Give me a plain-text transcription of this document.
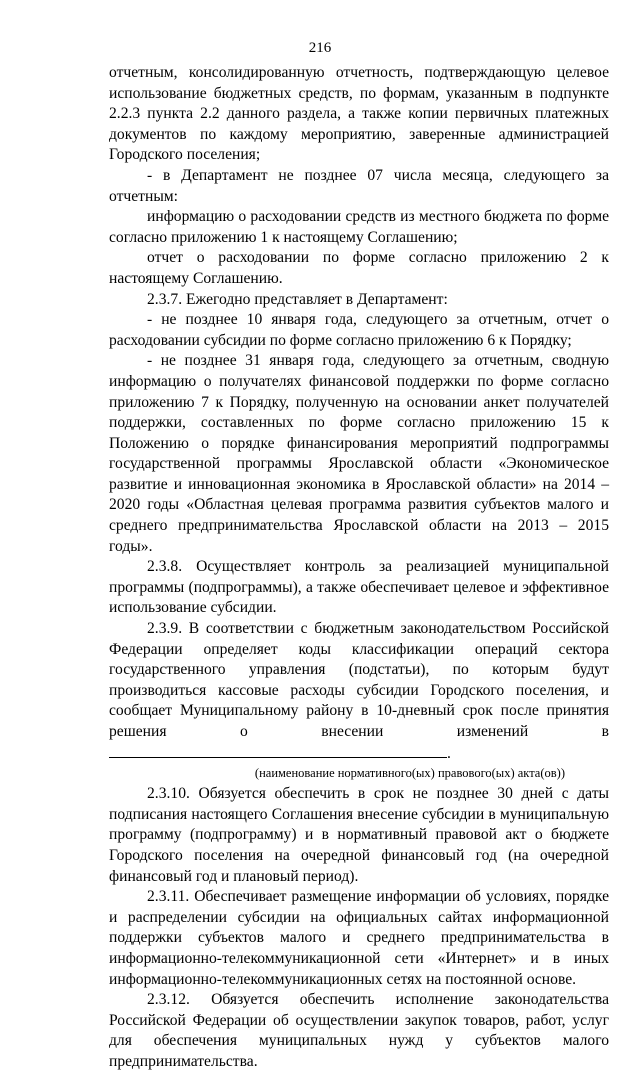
216

отчетным, консолидированную отчетность, подтверждающую целевое использование бюджетных средств, по формам, указанным в подпункте 2.2.3 пункта 2.2 данного раздела, а также копии первичных платежных документов по каждому мероприятию, заверенные администрацией Городского поселения;

- в Департамент не позднее 07 числа месяца, следующего за отчетным:

информацию о расходовании средств из местного бюджета по форме согласно приложению 1 к настоящему Соглашению;

отчет о расходовании по форме согласно приложению 2 к настоящему Соглашению.

2.3.7. Ежегодно представляет в Департамент:

- не позднее 10 января года, следующего за отчетным, отчет о расходовании субсидии по форме согласно приложению 6 к Порядку;

- не позднее 31 января года, следующего за отчетным, сводную информацию о получателях финансовой поддержки по форме согласно приложению 7 к Порядку, полученную на основании анкет получателей поддержки, составленных по форме согласно приложению 15 к Положению о порядке финансирования мероприятий подпрограммы государственной программы Ярославской области «Экономическое развитие и инновационная экономика в Ярославской области» на 2014 – 2020 годы «Областная целевая программа развития субъектов малого и среднего предпринимательства Ярославской области на 2013 – 2015 годы».

2.3.8. Осуществляет контроль за реализацией муниципальной программы (подпрограммы), а также обеспечивает целевое и эффективное использование субсидии.

2.3.9. В соответствии с бюджетным законодательством Российской Федерации определяет коды классификации операций сектора государственного управления (подстатьи), по которым будут производиться кассовые расходы субсидии Городского поселения, и сообщает Муниципальному району в 10-дневный срок после принятия решения о внесении изменений в .

(наименование нормативного(ых) правового(ых) акта(ов))

2.3.10. Обязуется обеспечить в срок не позднее 30 дней с даты подписания настоящего Соглашения внесение субсидии в муниципальную программу (подпрограмму) и в нормативный правовой акт о бюджете Городского поселения на очередной финансовый год (на очередной финансовый год и плановый период).

2.3.11. Обеспечивает размещение информации об условиях, порядке и распределении субсидии на официальных сайтах информационной поддержки субъектов малого и среднего предпринимательства в информационно-телекоммуникационной сети «Интернет» и в иных информационно-телекоммуникационных сетях на постоянной основе.

2.3.12. Обязуется обеспечить исполнение законодательства Российской Федерации об осуществлении закупок товаров, работ, услуг для обеспечения муниципальных нужд у субъектов малого предпринимательства.
